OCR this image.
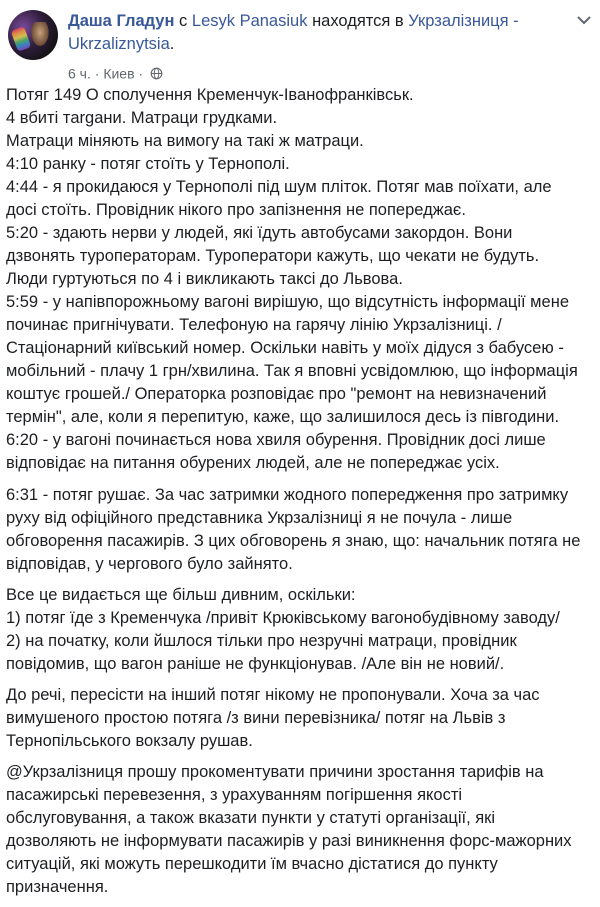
Даша Гладун с Lesyk Panasiuk находятся в Укрзалізниця -
Ukrzaliznytsia.
6 ч. · Киев ·
Потяг 149 О сполучення Кременчук-Іванофранківськ.
4 вбиті тargани. Матраци грудками.
Матраци міняють на вимогу на такі ж матраци.
4:10 ранку - потяг стоїть у Тернополі.
4:44 - я прокидаюся у Тернополі під шум пліток. Потяг мав поїхати, але
досі стоїть. Провідник нікого про запізнення не попереджає.
5:20 - здають нерви у людей, які їдуть автобусами закордон. Вони
дзвонять туроператорам. Туроператори кажуть, що чекати не будуть.
Люди гуртуються по 4 і викликають таксі до Львова.
5:59 - у напівпорожньому вагоні вирішую, що відсутність інформації мене
починає пригнічувати. Телефоную на гарячу лінію Укрзалізниці. /
Стаціонарний київський номер. Оскільки навіть у моїх дідуся з бабусею -
мобільний - плачу 1 грн/хвилина. Так я вповні усвідомлюю, що інформація
коштує грошей./ Операторка розповідає про "ремонт на невизначений
термін", але, коли я перепитую, каже, що залишилося десь із півгодини.
6:20 - у вагоні починається нова хвиля обурення. Провідник досі лише
відповідає на питання обурених людей, але не попереджає усіх.
6:31 - потяг рушає. За час затримки жодного попередження про затримку
руху від офіційного представника Укрзалізниці я не почула - лише
обговорення пасажирів. З цих обговорень я знаю, що: начальник потяга не
відповідав, у чергового було зайнято.
Все це видається ще більш дивним, оскільки:
1) потяг їде з Кременчука /привіт Крюківському вагонобудівному заводу/
2) на початку, коли йшлося тільки про незручні матраци, провідник
повідомив, що вагон раніше не функціонував. /Але він не новий/.
До речі, пересісти на інший потяг нікому не пропонували. Хоча за час
вимушеного простою потяга /з вини перевізника/ потяг на Львів з
Тернопільського вокзалу рушав.
@Укрзалізниця прошу прокоментувати причини зростання тарифів на
пасажирські перевезення, з урахуванням погіршення якості
обслуговування, а також вказати пункти у статуті організації, які
дозволяють не інформувати пасажирів у разі виникнення форс-мажорних
ситуацій, які можуть перешкодити їм вчасно дістатися до пункту
призначення.
